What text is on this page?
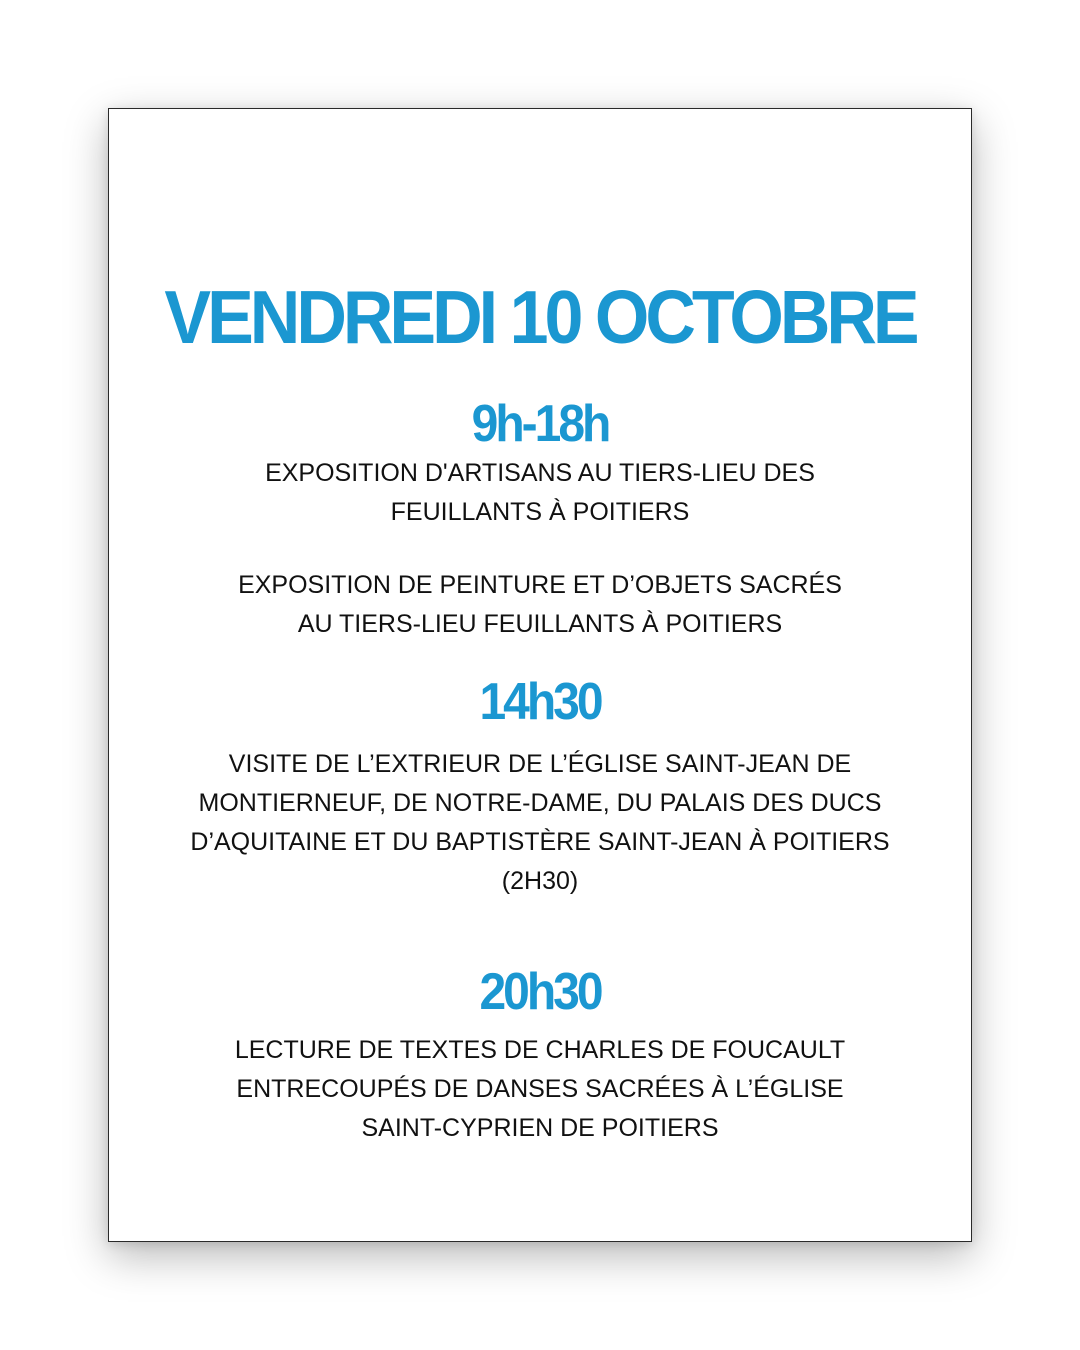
VENDREDI 10 OCTOBRE
9h-18h

EXPOSITION D'ARTISANS AU TIERS-LIEU DES
FEUILLANTS À POITIERS

EXPOSITION DE PEINTURE ET D’OBJETS SACRÉS
AU TIERS-LIEU FEUILLANTS À POITIERS

14h30

VISITE DE L’EXTRIEUR DE L’ÉGLISE SAINT-JEAN DE
MONTIERNEUF, DE NOTRE-DAME, DU PALAIS DES DUCS
D’AQUITAINE ET DU BAPTISTÈRE SAINT-JEAN À POITIERS
(2H30)

20h30

LECTURE DE TEXTES DE CHARLES DE FOUCAULT
ENTRECOUPÉS DE DANSES SACRÉES À L’ÉGLISE
SAINT-CYPRIEN DE POITIERS
